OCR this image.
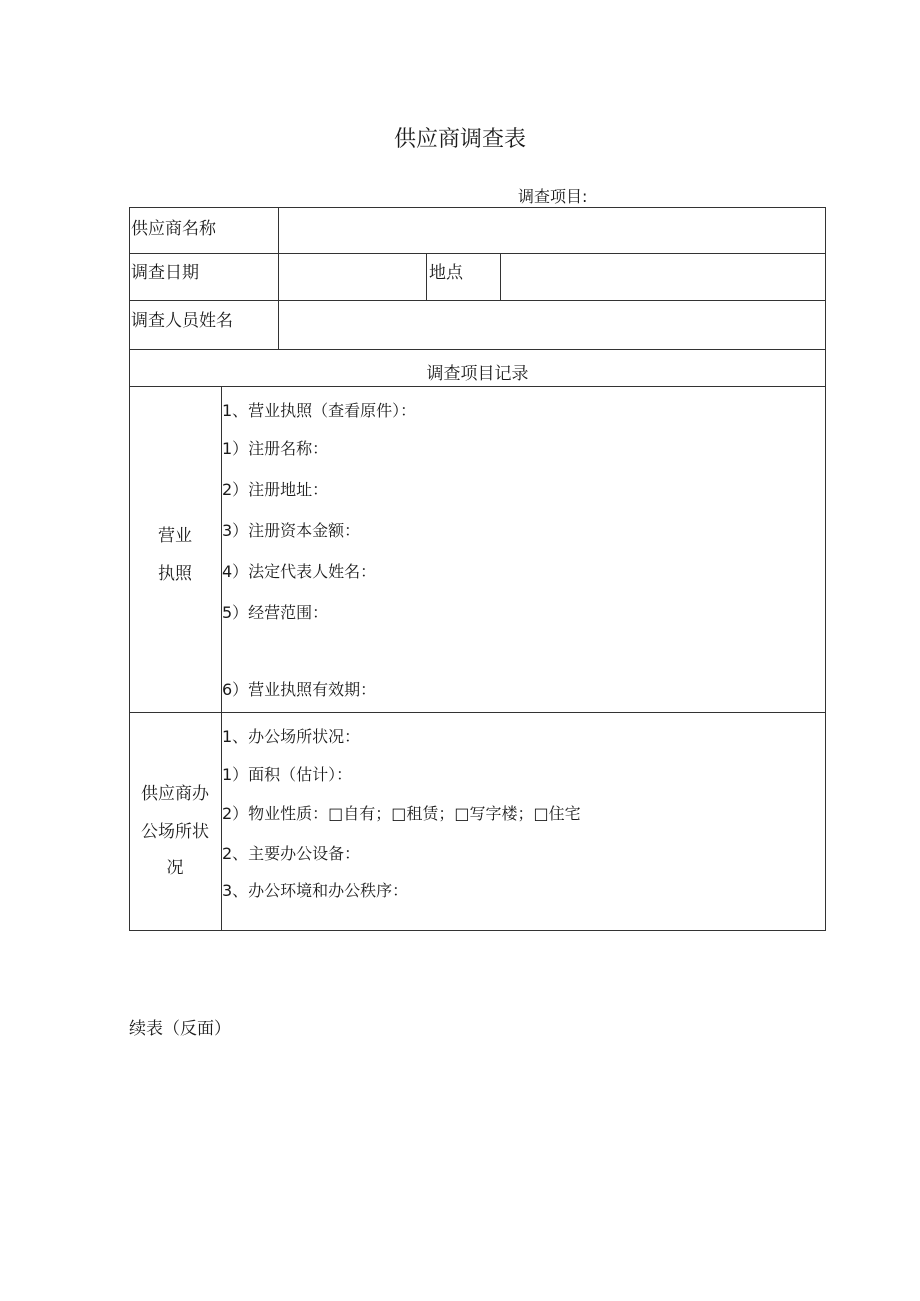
供应商调查表
调查项目:
供应商名称
调查日期	地点
调查人员姓名
调查项目记录
营业
执照
1、营业执照（查看原件）：
1）注册名称：
2）注册地址：
3）注册资本金额：
4）法定代表人姓名：
5）经营范围：
6）营业执照有效期：
供应商办
公场所状
况
1、办公场所状况：
1）面积（估计）：
2）物业性质：□自有；□租赁；□写字楼；□住宅
2、主要办公设备：
3、办公环境和办公秩序：
续表（反面）
